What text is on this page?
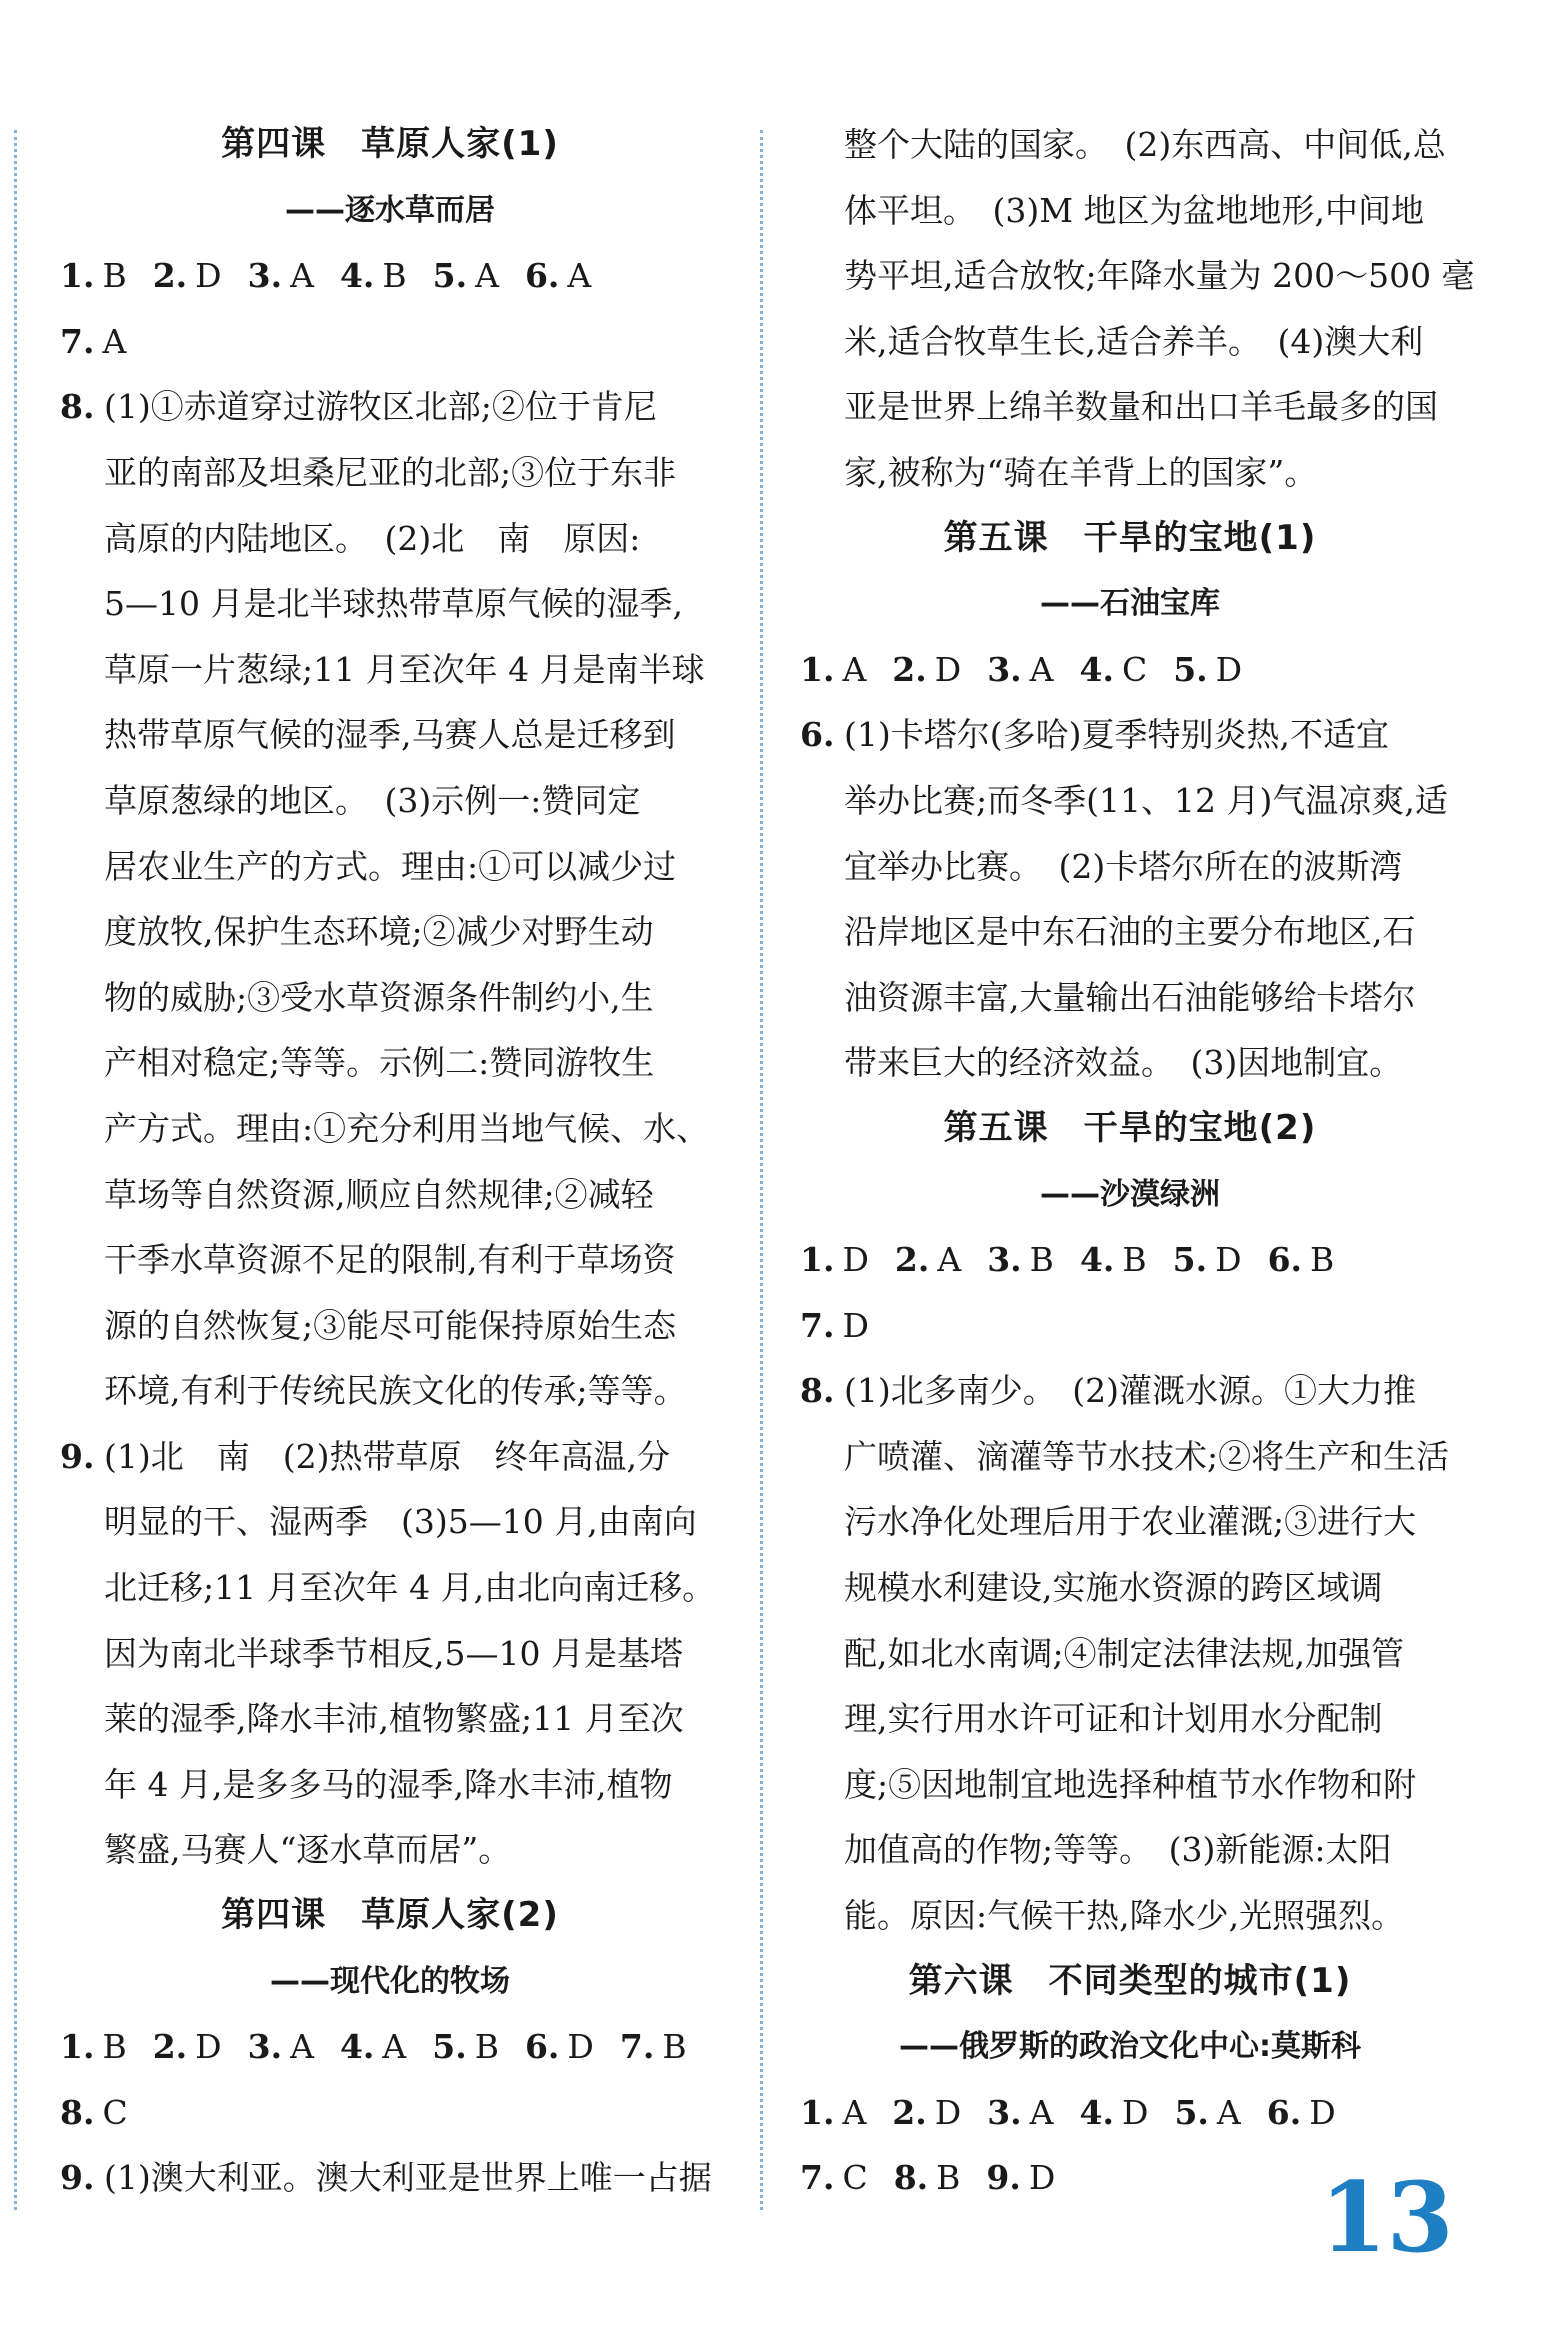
第四课　草原人家(1)
——逐水草而居
1. B 2. D 3. A 4. B 5. A 6. A
7. A
8. (1)①赤道穿过游牧区北部;②位于肯尼
亚的南部及坦桑尼亚的北部;③位于东非
高原的内陆地区。　(2)北　南　原因:
5—10 月是北半球热带草原气候的湿季,
草原一片葱绿;11 月至次年 4 月是南半球
热带草原气候的湿季,马赛人总是迁移到
草原葱绿的地区。　(3)示例一:赞同定
居农业生产的方式。理由:①可以减少过
度放牧,保护生态环境;②减少对野生动
物的威胁;③受水草资源条件制约小,生
产相对稳定;等等。示例二:赞同游牧生
产方式。理由:①充分利用当地气候、水、
草场等自然资源,顺应自然规律;②减轻
干季水草资源不足的限制,有利于草场资
源的自然恢复;③能尽可能保持原始生态
环境,有利于传统民族文化的传承;等等。
9. (1)北　南　(2)热带草原　终年高温,分
明显的干、湿两季　(3)5—10 月,由南向
北迁移;11 月至次年 4 月,由北向南迁移。
因为南北半球季节相反,5—10 月是基塔
莱的湿季,降水丰沛,植物繁盛;11 月至次
年 4 月,是多多马的湿季,降水丰沛,植物
繁盛,马赛人“逐水草而居”。
第四课　草原人家(2)
——现代化的牧场
1. B 2. D 3. A 4. A 5. B 6. D 7. B
8. C
9. (1)澳大利亚。澳大利亚是世界上唯一占据
整个大陆的国家。　(2)东西高、中间低,总
体平坦。　(3)M 地区为盆地地形,中间地
势平坦,适合放牧;年降水量为 200～500 毫
米,适合牧草生长,适合养羊。　(4)澳大利
亚是世界上绵羊数量和出口羊毛最多的国
家,被称为“骑在羊背上的国家”。
第五课　干旱的宝地(1)
——石油宝库
1. A 2. D 3. A 4. C 5. D
6. (1)卡塔尔(多哈)夏季特别炎热,不适宜
举办比赛;而冬季(11、12 月)气温凉爽,适
宜举办比赛。　(2)卡塔尔所在的波斯湾
沿岸地区是中东石油的主要分布地区,石
油资源丰富,大量输出石油能够给卡塔尔
带来巨大的经济效益。　(3)因地制宜。
第五课　干旱的宝地(2)
——沙漠绿洲
1. D 2. A 3. B 4. B 5. D 6. B
7. D
8. (1)北多南少。　(2)灌溉水源。①大力推
广喷灌、滴灌等节水技术;②将生产和生活
污水净化处理后用于农业灌溉;③进行大
规模水利建设,实施水资源的跨区域调
配,如北水南调;④制定法律法规,加强管
理,实行用水许可证和计划用水分配制
度;⑤因地制宜地选择种植节水作物和附
加值高的作物;等等。　(3)新能源:太阳
能。原因:气候干热,降水少,光照强烈。
第六课　不同类型的城市(1)
——俄罗斯的政治文化中心:莫斯科
1. A 2. D 3. A 4. D 5. A 6. D
7. C 8. B 9. D	13
